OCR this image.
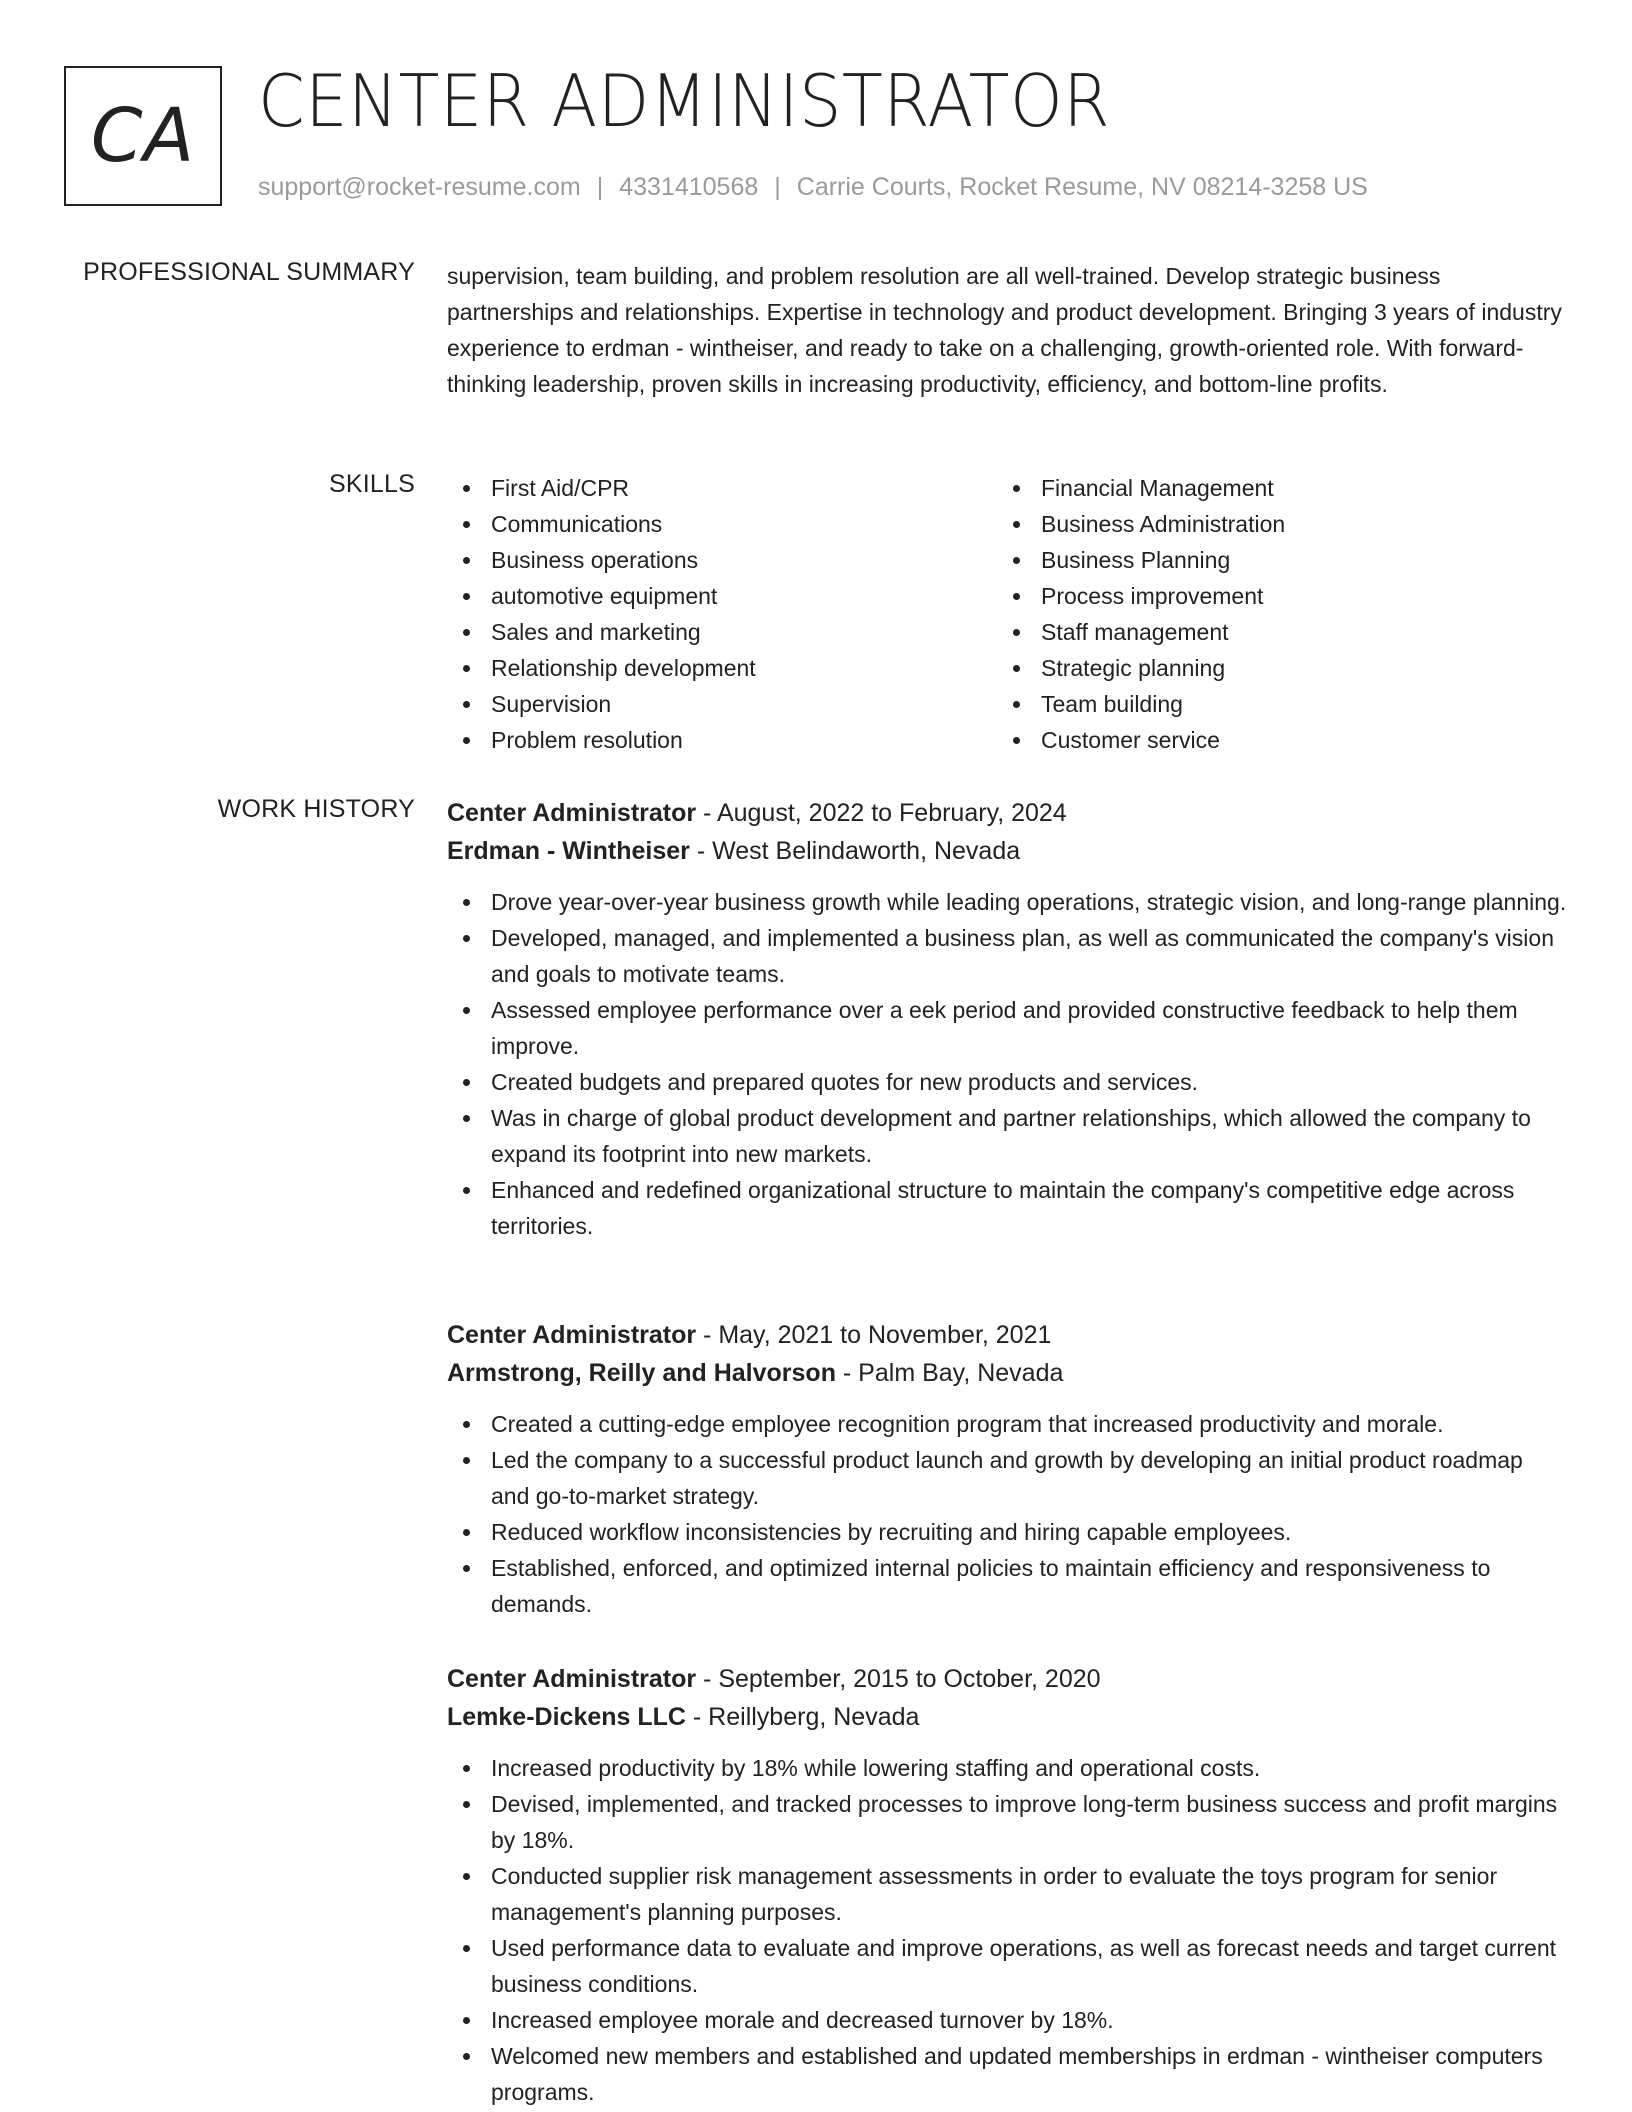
CA CENTER ADMINISTRATOR
support@rocket-resume.com | 4331410568 | Carrie Courts, Rocket Resume, NV 08214-3258 US
PROFESSIONAL SUMMARY supervision, team building, and problem resolution are all well-trained. Develop strategic business partnerships and relationships. Expertise in technology and product development. Bringing 3 years of industry experience to erdman - wintheiser, and ready to take on a challenging, growth-oriented role. With forward-thinking leadership, proven skills in increasing productivity, efficiency, and bottom-line profits.

SKILLS	First Aid/CPR
Communications
Business operations
automotive equipment
Sales and marketing
Relationship development
Supervision
Problem resolution
Financial Management
Business Administration
Business Planning
Process improvement
Staff management
Strategic planning
Team building
Customer service
WORK HISTORY Center Administrator - August, 2022 to February, 2024
Erdman - Wintheiser - West Belindaworth, Nevada
Drove year-over-year business growth while leading operations, strategic vision, and long-range planning.
Developed, managed, and implemented a business plan, as well as communicated the company's vision and goals to motivate teams.
Assessed employee performance over a eek period and provided constructive feedback to help them improve.
Created budgets and prepared quotes for new products and services.
Was in charge of global product development and partner relationships, which allowed the company to expand its footprint into new markets.
Enhanced and redefined organizational structure to maintain the company's competitive edge across territories.
Center Administrator - May, 2021 to November, 2021
Armstrong, Reilly and Halvorson - Palm Bay, Nevada
Created a cutting-edge employee recognition program that increased productivity and morale.
Led the company to a successful product launch and growth by developing an initial product roadmap and go-to-market strategy.
Reduced workflow inconsistencies by recruiting and hiring capable employees.
Established, enforced, and optimized internal policies to maintain efficiency and responsiveness to demands.
Center Administrator - September, 2015 to October, 2020
Lemke-Dickens LLC - Reillyberg, Nevada
Increased productivity by 18% while lowering staffing and operational costs.
Devised, implemented, and tracked processes to improve long-term business success and profit margins by 18%.
Conducted supplier risk management assessments in order to evaluate the toys program for senior management's planning purposes.
Used performance data to evaluate and improve operations, as well as forecast needs and target current business conditions.
Increased employee morale and decreased turnover by 18%.
Welcomed new members and established and updated memberships in erdman - wintheiser computers programs.
